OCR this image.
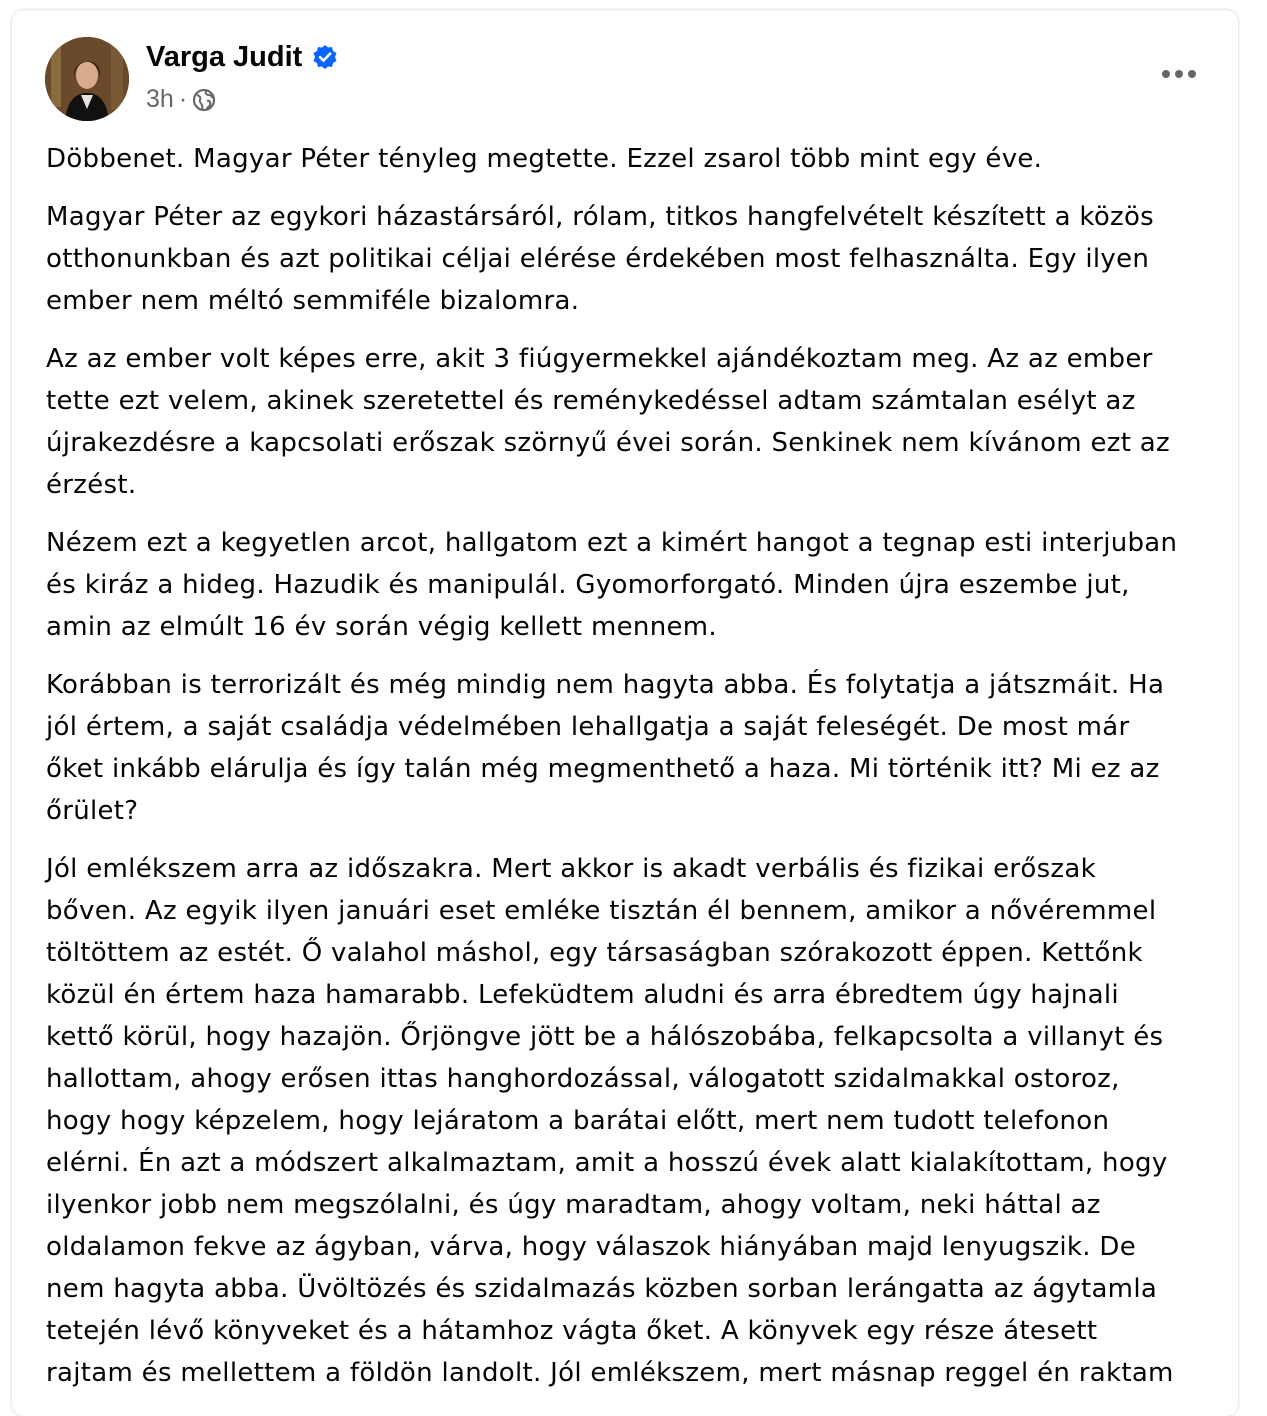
Varga Judit
3h ·

Döbbenet. Magyar Péter tényleg megtette. Ezzel zsarol több mint egy éve.

Magyar Péter az egykori házastársáról, rólam, titkos hangfelvételt készített a közös
otthonunkban és azt politikai céljai elérése érdekében most felhasználta. Egy ilyen
ember nem méltó semmiféle bizalomra.

Az az ember volt képes erre, akit 3 fiúgyermekkel ajándékoztam meg. Az az ember
tette ezt velem, akinek szeretettel és reménykedéssel adtam számtalan esélyt az
újrakezdésre a kapcsolati erőszak szörnyű évei során. Senkinek nem kívánom ezt az
érzést.

Nézem ezt a kegyetlen arcot, hallgatom ezt a kimért hangot a tegnap esti interjuban
és kiráz a hideg. Hazudik és manipulál. Gyomorforgató. Minden újra eszembe jut,
amin az elmúlt 16 év során végig kellett mennem.

Korábban is terrorizált és még mindig nem hagyta abba. És folytatja a játszmáit. Ha
jól értem, a saját családja védelmében lehallgatja a saját feleségét. De most már
őket inkább elárulja és így talán még megmenthető a haza. Mi történik itt? Mi ez az
őrület?

Jól emlékszem arra az időszakra. Mert akkor is akadt verbális és fizikai erőszak
bőven. Az egyik ilyen januári eset emléke tisztán él bennem, amikor a nővéremmel
töltöttem az estét. Ő valahol máshol, egy társaságban szórakozott éppen. Kettőnk
közül én értem haza hamarabb. Lefeküdtem aludni és arra ébredtem úgy hajnali
kettő körül, hogy hazajön. Őrjöngve jött be a hálószobába, felkapcsolta a villanyt és
hallottam, ahogy erősen ittas hanghordozással, válogatott szidalmakkal ostoroz,
hogy hogy képzelem, hogy lejáratom a barátai előtt, mert nem tudott telefonon
elérni. Én azt a módszert alkalmaztam, amit a hosszú évek alatt kialakítottam, hogy
ilyenkor jobb nem megszólalni, és úgy maradtam, ahogy voltam, neki háttal az
oldalamon fekve az ágyban, várva, hogy válaszok hiányában majd lenyugszik. De
nem hagyta abba. Üvöltözés és szidalmazás közben sorban lerángatta az ágytamla
tetején lévő könyveket és a hátamhoz vágta őket. A könyvek egy része átesett
rajtam és mellettem a földön landolt. Jól emlékszem, mert másnap reggel én raktam
